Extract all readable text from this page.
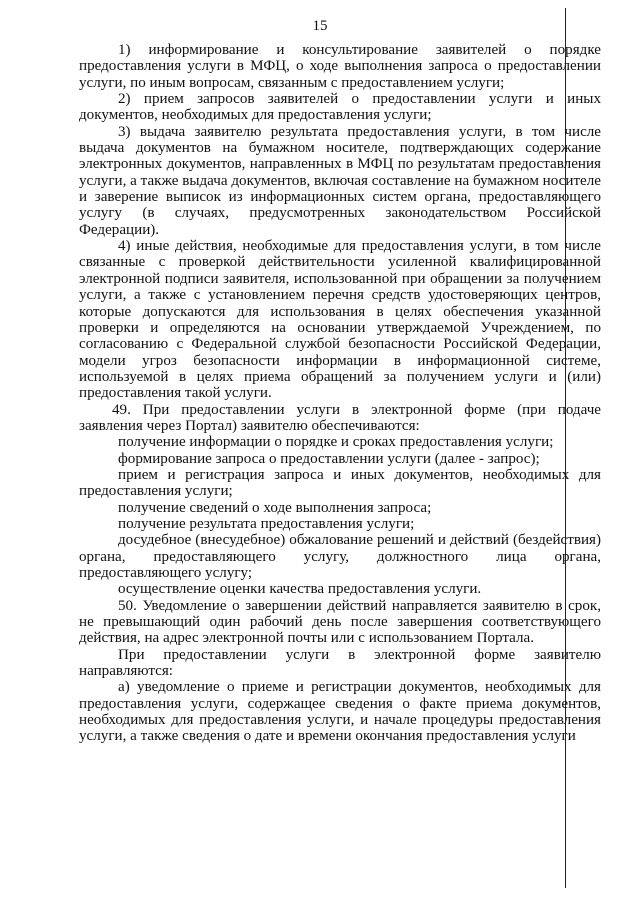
15

1) информирование и консультирование заявителей о порядке предоставления услуги в МФЦ, о ходе выполнения запроса о предоставлении услуги, по иным вопросам, связанным с предоставлением услуги;

2) прием запросов заявителей о предоставлении услуги и иных документов, необходимых для предоставления услуги;

3) выдача заявителю результата предоставления услуги, в том числе выдача документов на бумажном носителе, подтверждающих содержание электронных документов, направленных в МФЦ по результатам предоставления услуги, а также выдача документов, включая составление на бумажном носителе и заверение выписок из информационных систем органа, предоставляющего услугу (в случаях, предусмотренных законодательством Российской Федерации).

4) иные действия, необходимые для предоставления услуги, в том числе связанные с проверкой действительности усиленной квалифицированной электронной подписи заявителя, использованной при обращении за получением услуги, а также с установлением перечня средств удостоверяющих центров, которые допускаются для использования в целях обеспечения указанной проверки и определяются на основании утверждаемой Учреждением, по согласованию с Федеральной службой безопасности Российской Федерации, модели угроз безопасности информации в информационной системе, используемой в целях приема обращений за получением услуги и (или) предоставления такой услуги.

49. При предоставлении услуги в электронной форме (при подаче заявления через Портал) заявителю обеспечиваются:

получение информации о порядке и сроках предоставления услуги;

формирование запроса о предоставлении услуги (далее - запрос);

прием и регистрация запроса и иных документов, необходимых для предоставления услуги;

получение сведений о ходе выполнения запроса;

получение результата предоставления услуги;

досудебное (внесудебное) обжалование решений и действий (бездействия) органа, предоставляющего услугу, должностного лица органа, предоставляющего услугу;

осуществление оценки качества предоставления услуги.

50. Уведомление о завершении действий направляется заявителю в срок, не превышающий один рабочий день после завершения соответствующего действия, на адрес электронной почты или с использованием Портала.

При предоставлении услуги в электронной форме заявителю направляются:

а) уведомление о приеме и регистрации документов, необходимых для предоставления услуги, содержащее сведения о факте приема документов, необходимых для предоставления услуги, и начале процедуры предоставления услуги, а также сведения о дате и времени окончания предоставления услуги
